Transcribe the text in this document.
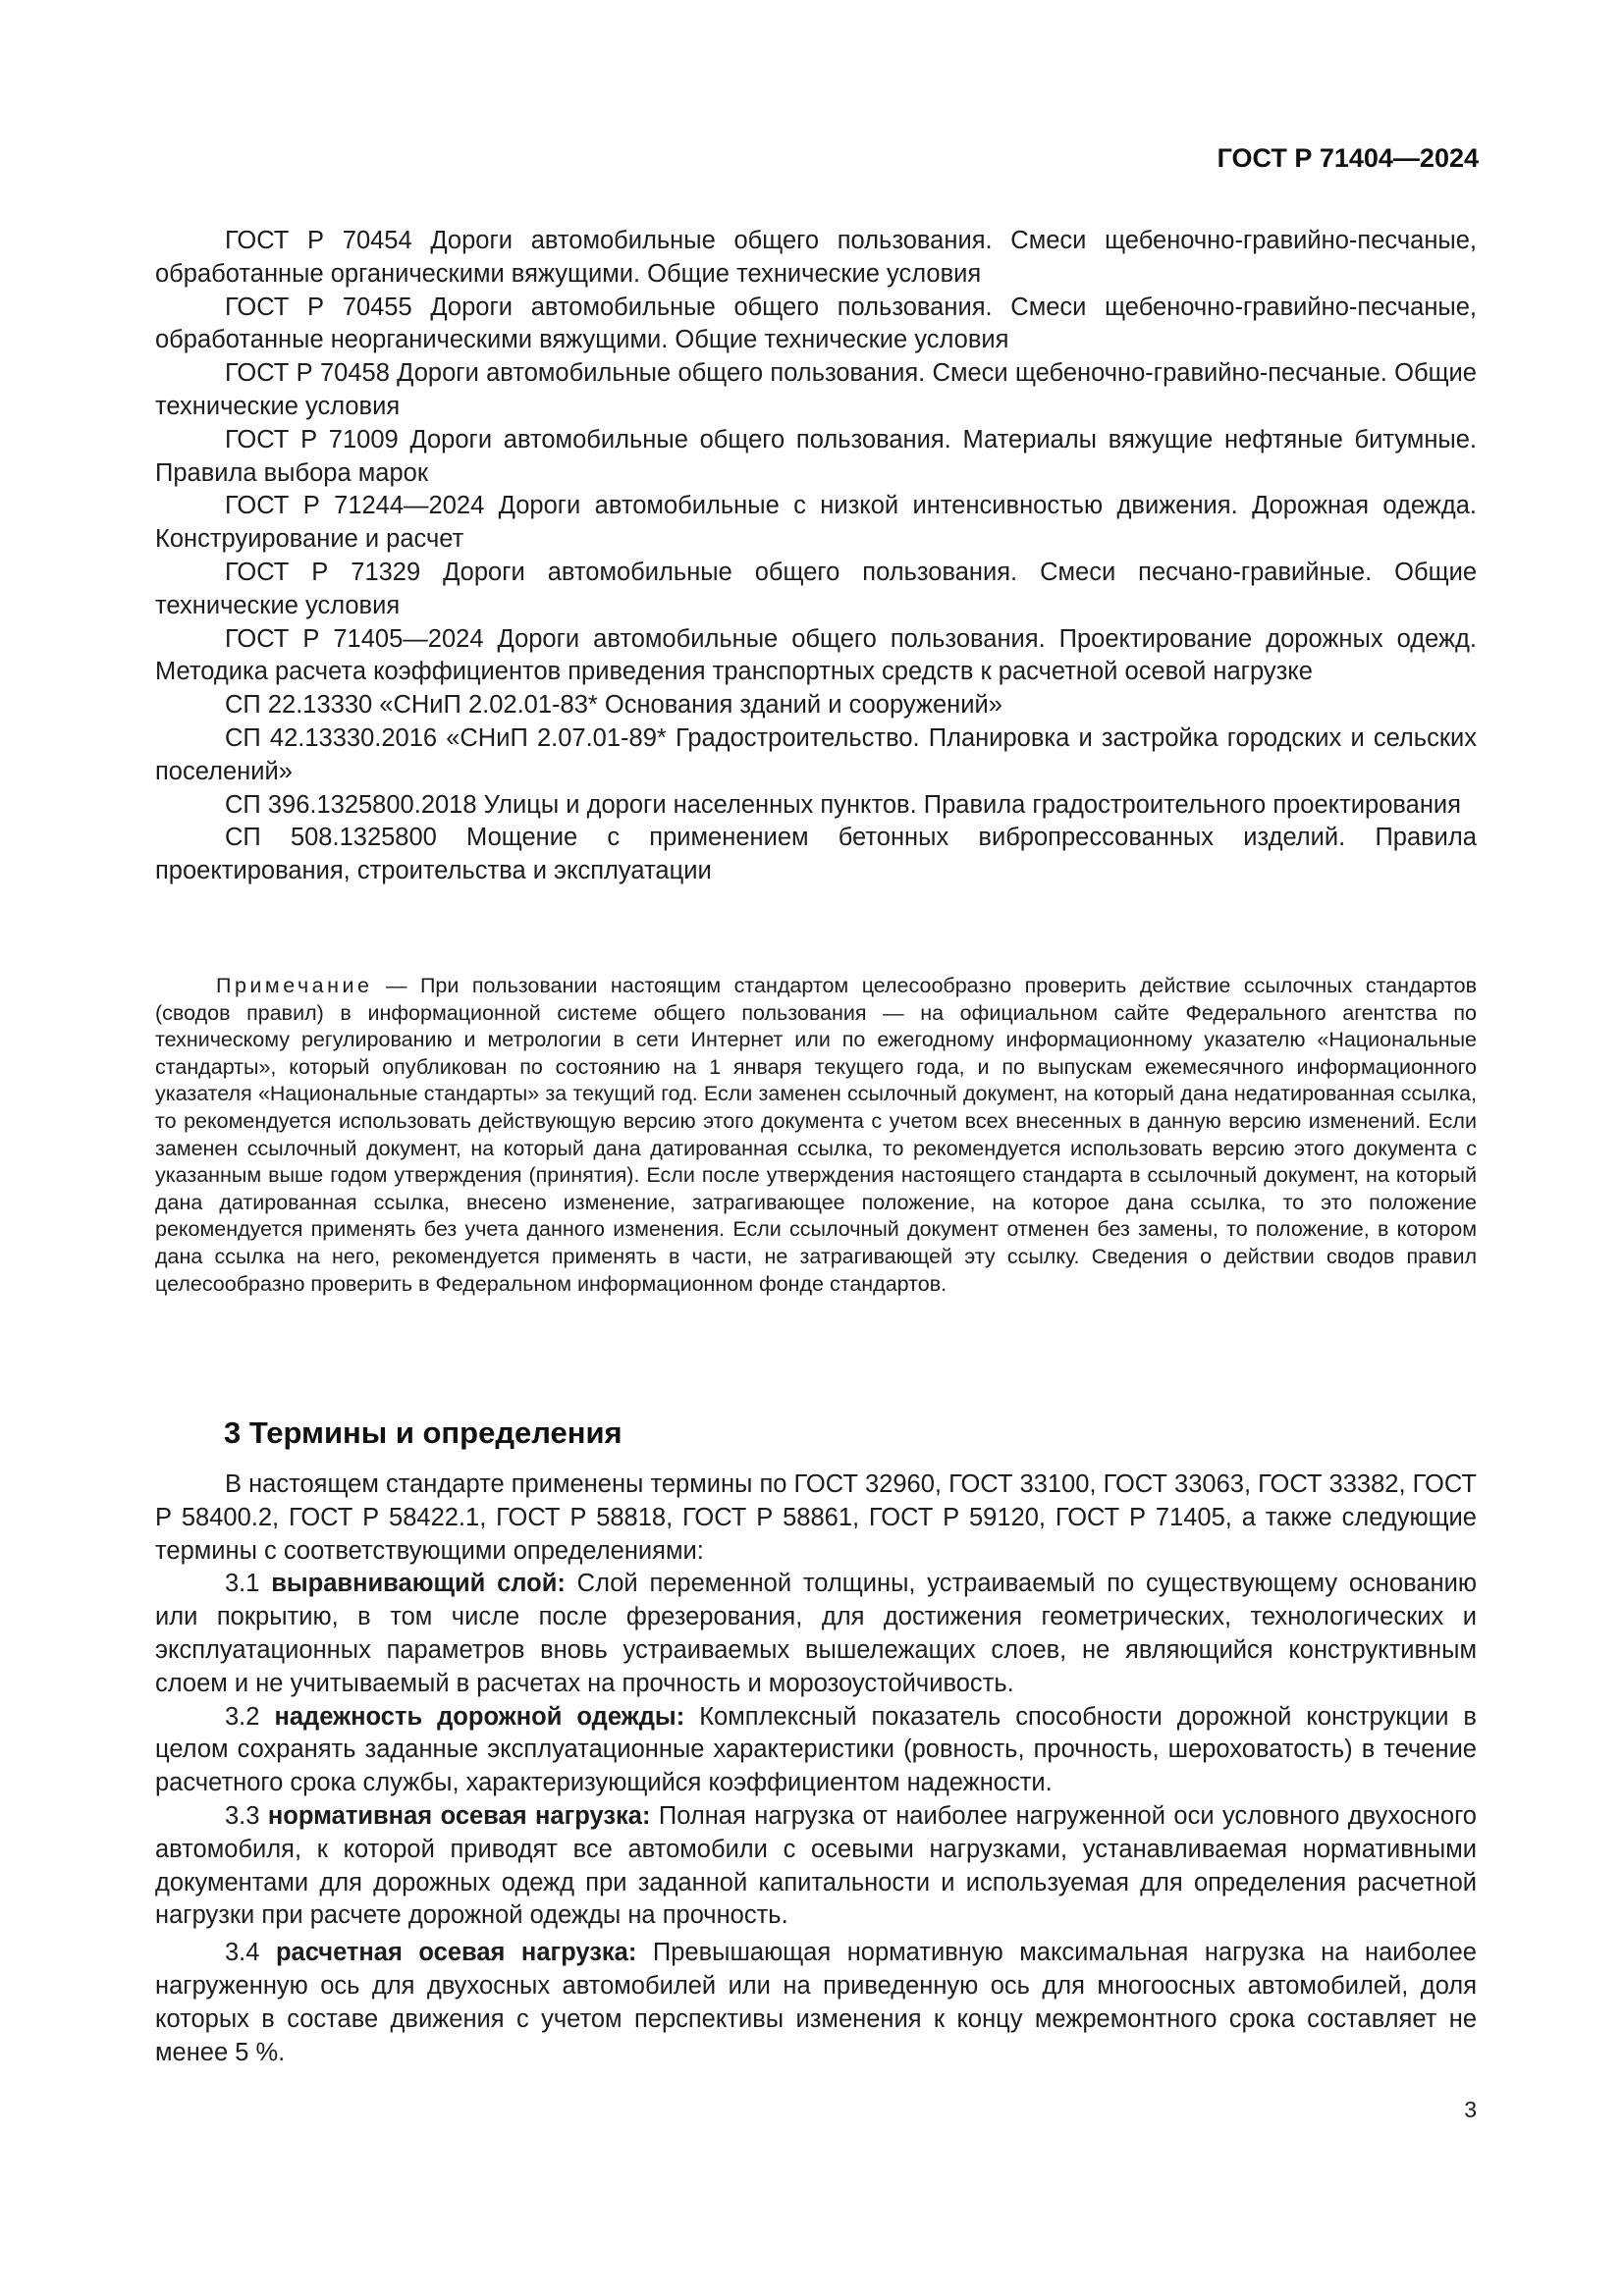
ГОСТ Р 71404—2024

ГОСТ Р 70454 Дороги автомобильные общего пользования. Смеси щебеночно-гравийно-песчаные, обработанные органическими вяжущими. Общие технические условия

ГОСТ Р 70455 Дороги автомобильные общего пользования. Смеси щебеночно-гравийно-песчаные, обработанные неорганическими вяжущими. Общие технические условия

ГОСТ Р 70458 Дороги автомобильные общего пользования. Смеси щебеночно-гравийно-песчаные. Общие технические условия

ГОСТ Р 71009 Дороги автомобильные общего пользования. Материалы вяжущие нефтяные битумные. Правила выбора марок

ГОСТ Р 71244—2024 Дороги автомобильные с низкой интенсивностью движения. Дорожная одежда. Конструирование и расчет

ГОСТ Р 71329 Дороги автомобильные общего пользования. Смеси песчано-гравийные. Общие технические условия

ГОСТ Р 71405—2024 Дороги автомобильные общего пользования. Проектирование дорожных одежд. Методика расчета коэффициентов приведения транспортных средств к расчетной осевой нагрузке

СП 22.13330 «СНиП 2.02.01-83* Основания зданий и сооружений»

СП 42.13330.2016 «СНиП 2.07.01-89* Градостроительство. Планировка и застройка городских и сельских поселений»

СП 396.1325800.2018 Улицы и дороги населенных пунктов. Правила градостроительного проектирования

СП 508.1325800 Мощение с применением бетонных вибропрессованных изделий. Правила проектирования, строительства и эксплуатации

Примечание — При пользовании настоящим стандартом целесообразно проверить действие ссылочных стандартов (сводов правил) в информационной системе общего пользования — на официальном сайте Федерального агентства по техническому регулированию и метрологии в сети Интернет или по ежегодному информационному указателю «Национальные стандарты», который опубликован по состоянию на 1 января текущего года, и по выпускам ежемесячного информационного указателя «Национальные стандарты» за текущий год. Если заменен ссылочный документ, на который дана недатированная ссылка, то рекомендуется использовать действующую версию этого документа с учетом всех внесенных в данную версию изменений. Если заменен ссылочный документ, на который дана датированная ссылка, то рекомендуется использовать версию этого документа с указанным выше годом утверждения (принятия). Если после утверждения настоящего стандарта в ссылочный документ, на который дана датированная ссылка, внесено изменение, затрагивающее положение, на которое дана ссылка, то это положение рекомендуется применять без учета данного изменения. Если ссылочный документ отменен без замены, то положение, в котором дана ссылка на него, рекомендуется применять в части, не затрагивающей эту ссылку. Сведения о действии сводов правил целесообразно проверить в Федеральном информационном фонде стандартов.

3 Термины и определения

В настоящем стандарте применены термины по ГОСТ 32960, ГОСТ 33100, ГОСТ 33063, ГОСТ 33382, ГОСТ Р 58400.2, ГОСТ Р 58422.1, ГОСТ Р 58818, ГОСТ Р 58861, ГОСТ Р 59120, ГОСТ Р 71405, а также следующие термины с соответствующими определениями:

3.1 выравнивающий слой: Слой переменной толщины, устраиваемый по существующему основанию или покрытию, в том числе после фрезерования, для достижения геометрических, технологических и эксплуатационных параметров вновь устраиваемых вышележащих слоев, не являющийся конструктивным слоем и не учитываемый в расчетах на прочность и морозоустойчивость.

3.2 надежность дорожной одежды: Комплексный показатель способности дорожной конструкции в целом сохранять заданные эксплуатационные характеристики (ровность, прочность, шероховатость) в течение расчетного срока службы, характеризующийся коэффициентом надежности.

3.3 нормативная осевая нагрузка: Полная нагрузка от наиболее нагруженной оси условного двухосного автомобиля, к которой приводят все автомобили с осевыми нагрузками, устанавливаемая нормативными документами для дорожных одежд при заданной капитальности и используемая для определения расчетной нагрузки при расчете дорожной одежды на прочность.

3.4 расчетная осевая нагрузка: Превышающая нормативную максимальная нагрузка на наиболее нагруженную ось для двухосных автомобилей или на приведенную ось для многоосных автомобилей, доля которых в составе движения с учетом перспективы изменения к концу межремонтного срока составляет не менее 5 %.

3
